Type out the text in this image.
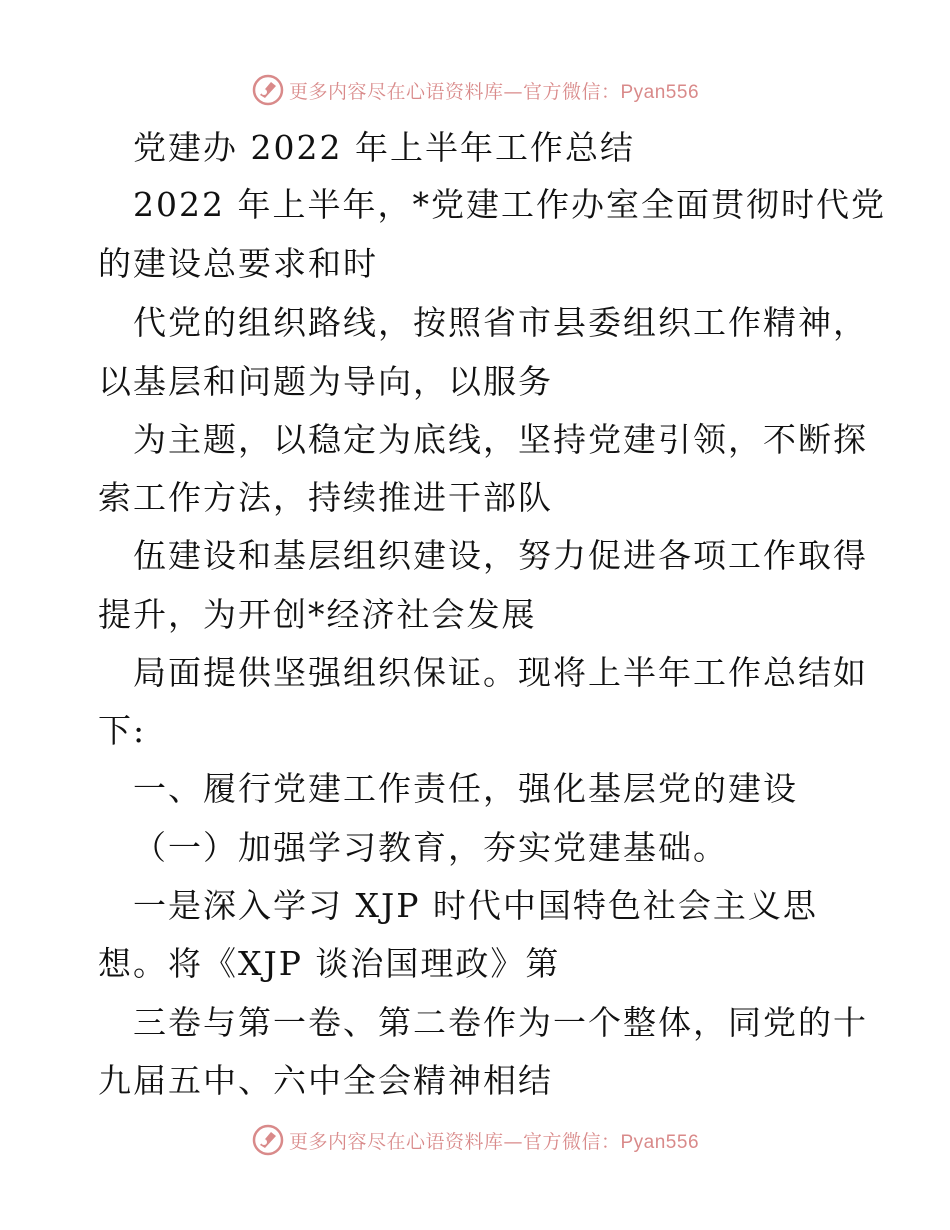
更多内容尽在心语资料库—官方微信：Pyan556
党建办 2022 年上半年工作总结
2022 年上半年，*党建工作办室全面贯彻时代党
的建设总要求和时
代党的组织路线，按照省市县委组织工作精神，
以基层和问题为导向，以服务
为主题，以稳定为底线，坚持党建引领，不断探
索工作方法，持续推进干部队
伍建设和基层组织建设，努力促进各项工作取得
提升，为开创*经济社会发展
局面提供坚强组织保证。现将上半年工作总结如
下:
一、履行党建工作责任，强化基层党的建设
（一）加强学习教育，夯实党建基础。
一是深入学习 XJP 时代中国特色社会主义思
想。将《XJP 谈治国理政》第
三卷与第一卷、第二卷作为一个整体，同党的十
九届五中、六中全会精神相结
更多内容尽在心语资料库—官方微信：Pyan556
